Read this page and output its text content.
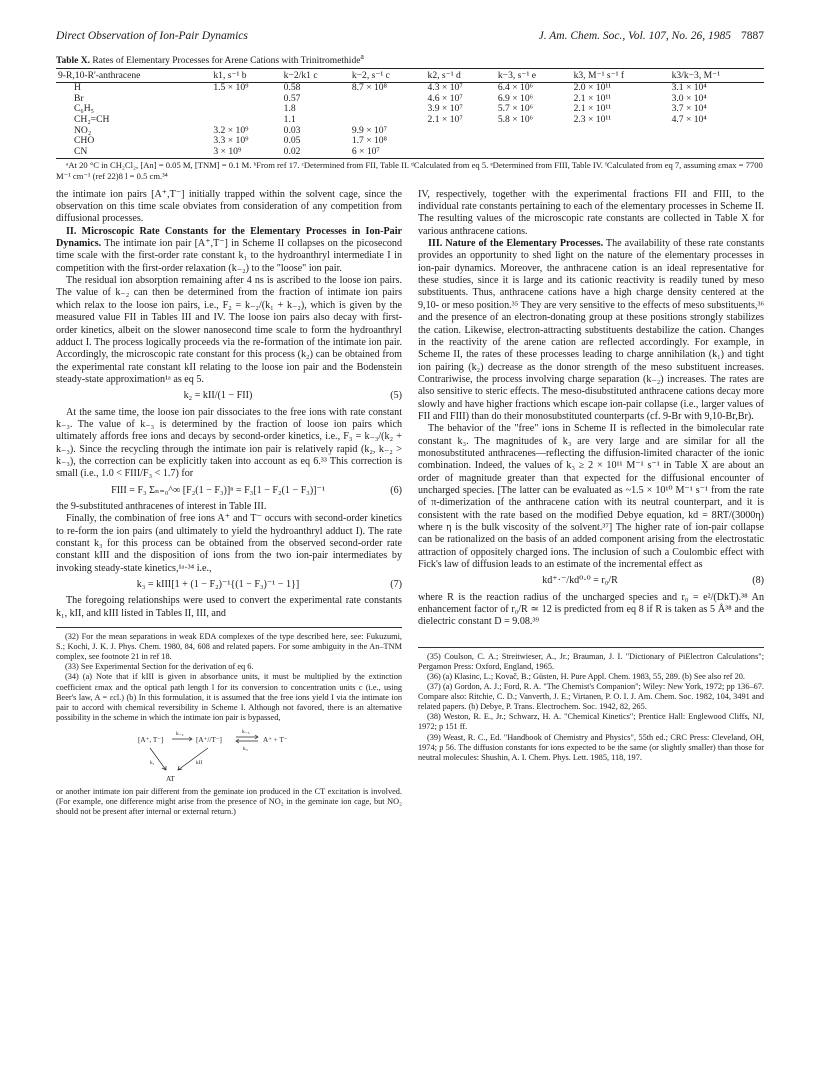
Direct Observation of Ion-Pair Dynamics	J. Am. Chem. Soc., Vol. 107, No. 26, 1985 7887
Table X. Rates of Elementary Processes for Arene Cations with Trinitromethide$^a$
9-R,10-R'-anthracene	k1, s⁻¹ b	k−2/k1 c	k−2, s⁻¹ c	k2, s⁻¹ d	k−3, s⁻¹ e	k3, M⁻¹ s⁻¹ f	k3/k−3, M⁻¹
H	1.5 × 10⁹	0.58	8.7 × 10⁸	4.3 × 10⁷	6.4 × 10⁶	2.0 × 10¹¹	3.1 × 10⁴
Br		0.57		4.6 × 10⁷	6.9 × 10⁶	2.1 × 10¹¹	3.0 × 10⁴
C₆H₅		1.8		3.9 × 10⁷	5.7 × 10⁶	2.1 × 10¹¹	3.7 × 10⁴
CH₂=CH		1.1		2.1 × 10⁷	5.8 × 10⁶	2.3 × 10¹¹	4.7 × 10⁴
NO₂	3.2 × 10⁹	0.03	9.9 × 10⁷				
CHO	3.3 × 10⁹	0.05	1.7 × 10⁸				
CN	3 × 10⁹	0.02	6 × 10⁷				
ᵃAt 20 °C in CH₂Cl₂, [An] = 0.05 M, [TNM] = 0.1 M. ᵇFrom ref 17. ᶜDetermined from FII, Table II. ᵈCalculated from eq 5. ᵉDetermined from FIII, Table IV. ᶠCalculated from eq 7, assuming εmax = 7700 M⁻¹ cm⁻¹ (ref 22)8 l = 0.5 cm.³⁴

the intimate ion pairs [A⁺,T⁻] initially trapped within the solvent cage, since the observation on this time scale obviates from consideration of any competition from diffusional processes.

II. Microscopic Rate Constants for the Elementary Processes in Ion-Pair Dynamics. The intimate ion pair [A⁺,T⁻] in Scheme II collapses on the picosecond time scale with the first-order rate constant k₁ to the hydroanthryl intermediate I in competition with the first-order relaxation (k₋₂) to the "loose" ion pair.

The residual ion absorption remaining after 4 ns is ascribed to the loose ion pairs. The value of k₋₂ can then be determined from the fraction of intimate ion pairs which relax to the loose ion pairs, i.e., F₂ = k₋₂/(k₁ + k₋₂), which is given by the measured value FII in Tables III and IV. The loose ion pairs also decay with first-order kinetics, albeit on the slower nanosecond time scale to form the hydroanthryl adduct I. The process logically proceeds via the re-formation of the intimate ion pair. Accordingly, the microscopic rate constant for this process (k₂) can be obtained from the experimental rate constant kII relating to the loose ion pair and the Bodenstein steady-state approximation¹ᵃ as eq 5.

k₂ = kII/(1 − FII)	(5)

At the same time, the loose ion pair dissociates to the free ions with rate constant k₋₃. The value of k₋₃ is determined by the fraction of loose ion pairs which ultimately affords free ions and decays by second-order kinetics, i.e., F₃ = k₋₃/(k₂ + k₋₃). Since the recycling through the intimate ion pair is relatively rapid (k₂, k₋₂ > k₋₃), the correction can be explicitly taken into account as eq 6.³³ This correction is small (i.e., 1.0 < FIII/F₃ < 1.7) for

FIII = F₃ Σₙ₌₀^∞ [F₂(1 − F₃)]ⁿ = F₃[1 − F₂(1 − F₃)]⁻¹	(6)

the 9-substituted anthracenes of interest in Table III.

Finally, the combination of free ions A⁺ and T⁻ occurs with second-order kinetics to re-form the ion pairs (and ultimately to yield the hydroanthryl adduct I). The rate constant k₃ for this process can be obtained from the observed second-order rate constant kIII and the disposition of ions from the two ion-pair intermediates by invoking steady-state kinetics,¹ᵃ·³⁴ i.e.,

k₃ = kIII[1 + (1 − F₂)⁻¹{(1 − F₃)⁻¹ − 1}]	(7)

The foregoing relationships were used to convert the experimental rate constants k₁, kII, and kIII listed in Tables II, III, and

(32) For the mean separations in weak EDA complexes of the type described here, see: Fukuzumi, S.; Kochi, J. K. J. Phys. Chem. 1980, 84, 608 and related papers. For some ambiguity in the An–TNM complex, see footnote 21 in ref 18.

(33) See Experimental Section for the derivation of eq 6.

(34) (a) Note that if kIII is given in absorbance units, it must be multiplied by the extinction coefficient εmax and the optical path length l for its conversion to concentration units c (i.e., using Beer's law, A = εcl.) (b) In this formulation, it is assumed that the free ions yield I via the intimate ion pair to accord with chemical reversibility in Scheme I. Although not favored, there is an alternative possibility in the scheme in which the intimate ion pair is bypassed,

[A⁺, T⁻]
k₋₂
[A⁺//T⁻]
k₋₃
k₃
A⁺ + T⁻
k₁	kII
AT

or another intimate ion pair different from the geminate ion produced in the CT excitation is involved. (For example, one difference might arise from the presence of NO₂ in the geminate ion cage, but NO₂ should not be present after internal or external return.)

IV, respectively, together with the experimental fractions FII and FIII, to the individual rate constants pertaining to each of the elementary processes in Scheme II. The resulting values of the microscopic rate constants are collected in Table X for various anthracene cations.

III. Nature of the Elementary Processes. The availability of these rate constants provides an opportunity to shed light on the nature of the elementary processes in ion-pair dynamics. Moreover, the anthracene cation is an ideal representative for these studies, since it is large and its cationic reactivity is readily tuned by meso substituents. Thus, anthracene cations have a high charge density centered at the 9,10- or meso position.³⁵ They are very sensitive to the effects of meso substituents,³⁶ and the presence of an electron-donating group at these positions strongly stabilizes the cation. Likewise, electron-attracting substituents destabilize the cation. Changes in the reactivity of the arene cation are reflected accordingly. For example, in Scheme II, the rates of these processes leading to charge annihilation (k₁) and tight ion pairing (k₂) decrease as the donor strength of the meso substituent increases. Contrariwise, the process involving charge separation (k₋₂) increases. The rates are also sensitive to steric effects. The meso-disubstituted anthracene cations decay more slowly and have higher fractions which escape ion-pair collapse (i.e., larger values of FII and FIII) than do their monosubstituted counterparts (cf. 9-Br with 9,10-Br,Br).

The behavior of the "free" ions in Scheme II is reflected in the bimolecular rate constant k₃. The magnitudes of k₃ are very large and are similar for all the monosubstituted anthracenes—reflecting the diffusion-limited character of the ionic combination. Indeed, the values of k₃ ≥ 2 × 10¹¹ M⁻¹ s⁻¹ in Table X are about an order of magnitude greater than that expected for the diffusional encounter of uncharged species. [The latter can be evaluated as ~1.5 × 10¹⁰ M⁻¹ s⁻¹ from the rate of π-dimerization of the anthracene cation with its neutral counterpart, and it is consistent with the rate based on the modified Debye equation, kd = 8RT/(3000η) where η is the bulk viscosity of the solvent.³⁷] The higher rate of ion-pair collapse can be rationalized on the basis of an added component arising from the electrostatic attraction of oppositely charged ions. The inclusion of such a Coulombic effect with Fick's law of diffusion leads to an estimate of the incremental effect as

kd⁺·⁻/kd⁰·⁰ = r₀/R	(8)

where R is the reaction radius of the uncharged species and r₀ = e²/(DkT).³⁸ An enhancement factor of r₀/R ≃ 12 is predicted from eq 8 if R is taken as 5 Å³⁸ and the dielectric constant D = 9.08.³⁹

(35) Coulson, C. A.; Streitwieser, A., Jr.; Brauman, J. I. "Dictionary of PiElectron Calculations"; Pergamon Press: Oxford, England, 1965.

(36) (a) Klasinc, L.; Kovač, B.; Güsten, H. Pure Appl. Chem. 1983, 55, 289. (b) See also ref 20.

(37) (a) Gordon, A. J.; Ford, R. A. "The Chemist's Companion"; Wiley: New York, 1972; pp 136–67. Compare also: Ritchie, C. D.; Vanverth, J. E.; Virtanen, P. O. I. J. Am. Chem. Soc. 1982, 104, 3491 and related papers. (b) Debye, P. Trans. Electrochem. Soc. 1942, 82, 265.

(38) Weston, R. E., Jr.; Schwarz, H. A. "Chemical Kinetics"; Prentice Hall: Englewood Cliffs, NJ, 1972; p 151 ff.

(39) Weast, R. C., Ed. "Handbook of Chemistry and Physics", 55th ed.; CRC Press: Cleveland, OH, 1974; p 56. The diffusion constants for ions expected to be the same (or slightly smaller) than those for neutral molecules: Shushin, A. I. Chem. Phys. Lett. 1985, 118, 197.
